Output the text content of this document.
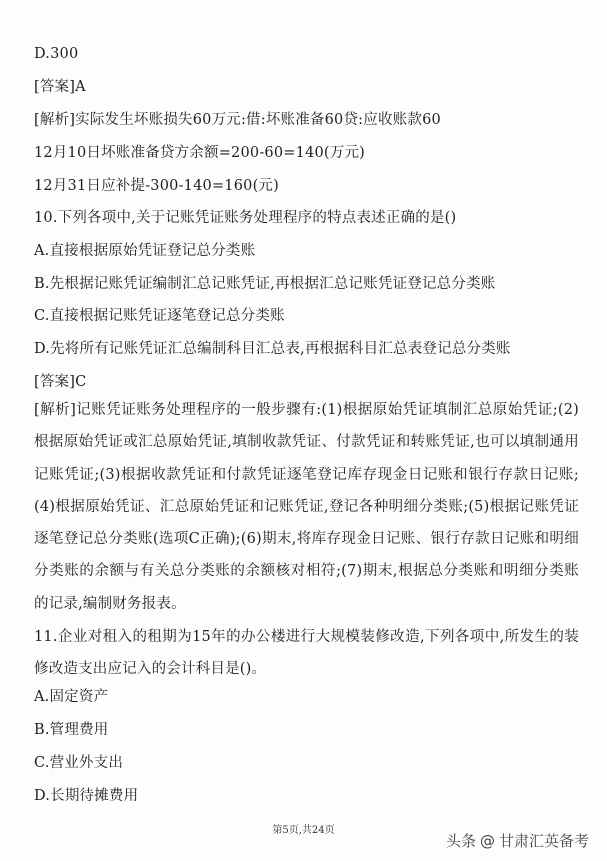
D.300
[答案]A
[解析]实际发生坏账损失60万元:借:坏账准备60贷:应收账款60
12月10日坏账准备贷方余额=200-60=140(万元)
12月31日应补提-300-140=160(元)
10.下列各项中,关于记账凭证账务处理程序的特点表述正确的是()
A.直接根据原始凭证登记总分类账
B.先根据记账凭证编制汇总记账凭证,再根据汇总记账凭证登记总分类账
C.直接根据记账凭证逐笔登记总分类账
D.先将所有记账凭证汇总编制科目汇总表,再根据科目汇总表登记总分类账
[答案]C
[解析]记账凭证账务处理程序的一般步骤有:(1)根据原始凭证填制汇总原始凭证;(2)根据原始凭证或汇总原始凭证,填制收款凭证、付款凭证和转账凭证,也可以填制通用记账凭证;(3)根据收款凭证和付款凭证逐笔登记库存现金日记账和银行存款日记账;(4)根据原始凭证、汇总原始凭证和记账凭证,登记各种明细分类账;(5)根据记账凭证逐笔登记总分类账(选项C正确);(6)期末,将库存现金日记账、银行存款日记账和明细分类账的余额与有关总分类账的余额核对相符;(7)期末,根据总分类账和明细分类账的记录,编制财务报表。
11.企业对租入的租期为15年的办公楼进行大规模装修改造,下列各项中,所发生的装修改造支出应记入的会计科目是()。
A.固定资产
B.管理费用
C.营业外支出
D.长期待摊费用
第5页,共24页
头条 @ 甘肃汇英备考
